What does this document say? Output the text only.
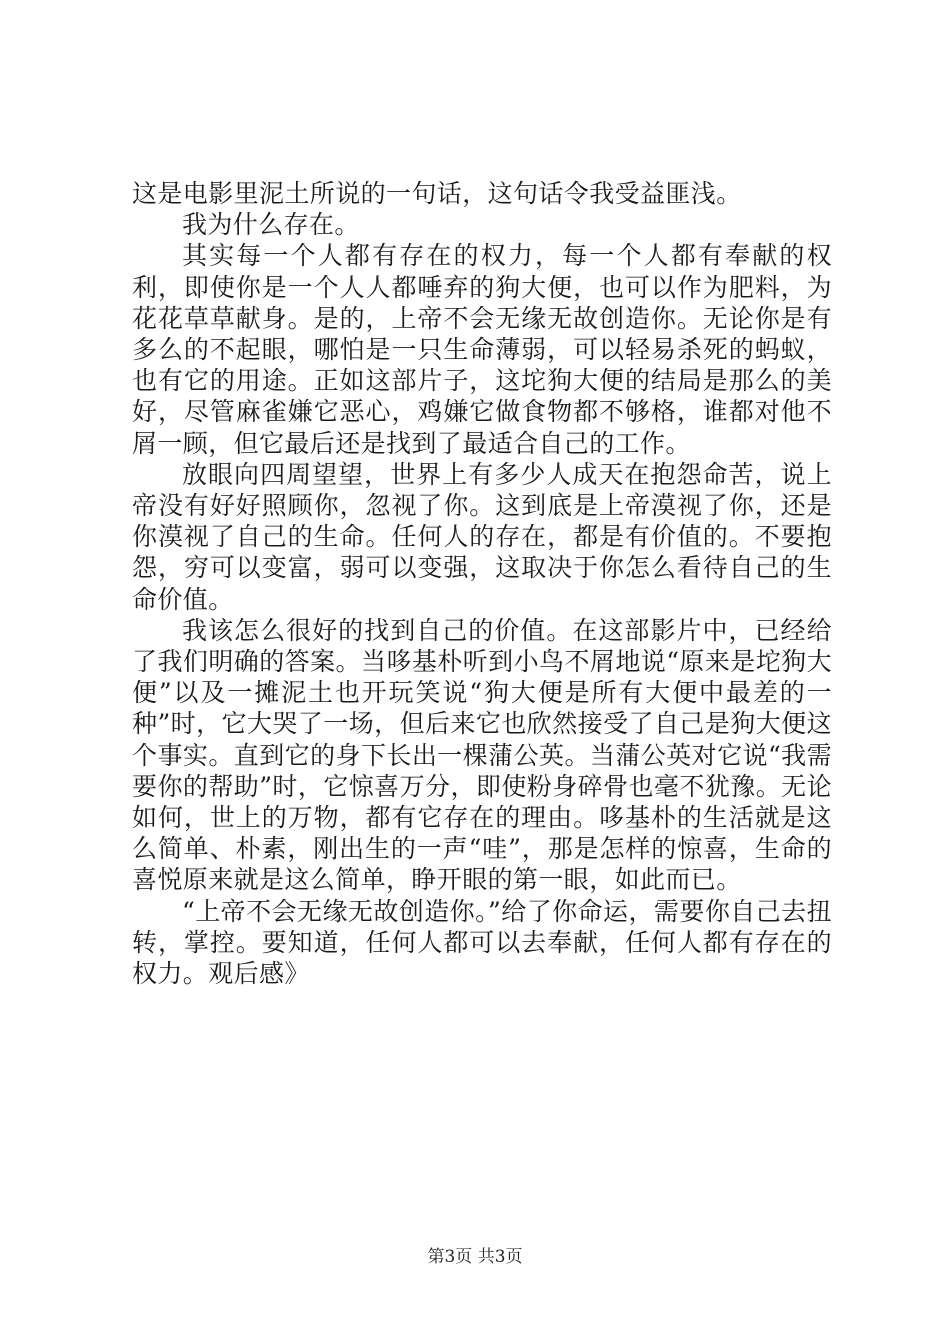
这是电影里泥土所说的一句话，这句话令我受益匪浅。

我为什么存在。

其实每一个人都有存在的权力，每一个人都有奉献的权利，即使你是一个人人都唾弃的狗大便，也可以作为肥料，为花花草草献身。是的，上帝不会无缘无故创造你。无论你是有多么的不起眼，哪怕是一只生命薄弱，可以轻易杀死的蚂蚁，也有它的用途。正如这部片子，这坨狗大便的结局是那么的美好，尽管麻雀嫌它恶心，鸡嫌它做食物都不够格，谁都对他不屑一顾，但它最后还是找到了最适合自己的工作。

放眼向四周望望，世界上有多少人成天在抱怨命苦，说上帝没有好好照顾你，忽视了你。这到底是上帝漠视了你，还是你漠视了自己的生命。任何人的存在，都是有价值的。不要抱怨，穷可以变富，弱可以变强，这取决于你怎么看待自己的生命价值。

我该怎么很好的找到自己的价值。在这部影片中，已经给了我们明确的答案。当哆基朴听到小鸟不屑地说“原来是坨狗大便”以及一摊泥土也开玩笑说“狗大便是所有大便中最差的一种”时，它大哭了一场，但后来它也欣然接受了自己是狗大便这个事实。直到它的身下长出一棵蒲公英。当蒲公英对它说“我需要你的帮助”时，它惊喜万分，即使粉身碎骨也毫不犹豫。无论如何，世上的万物，都有它存在的理由。哆基朴的生活就是这么简单、朴素，刚出生的一声“哇”，那是怎样的惊喜，生命的喜悦原来就是这么简单，睁开眼的第一眼，如此而已。

“上帝不会无缘无故创造你。”给了你命运，需要你自己去扭转，掌控。要知道，任何人都可以去奉献，任何人都有存在的权力。观后感》

第3页 共3页
